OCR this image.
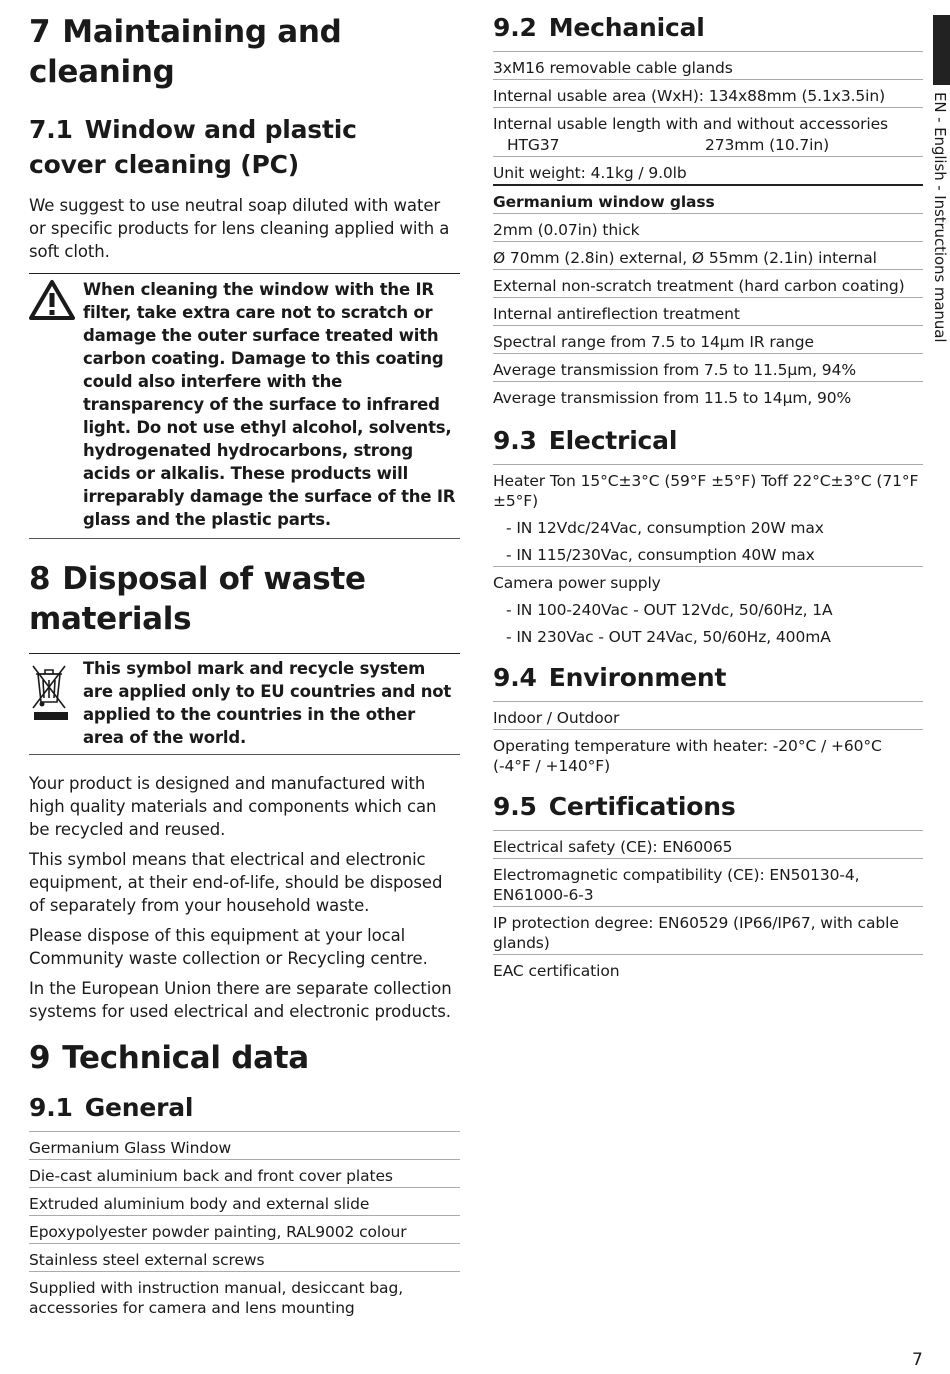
7 Maintaining and cleaning
7.1 Window and plastic cover cleaning (PC)

We suggest to use neutral soap diluted with water or specific products for lens cleaning applied with a soft cloth.

When cleaning the window with the IR filter, take extra care not to scratch or damage the outer surface treated with carbon coating. Damage to this coating could also interfere with the transparency of the surface to infrared light. Do not use ethyl alcohol, solvents, hydrogenated hydrocarbons, strong acids or alkalis. These products will irreparably damage the surface of the IR glass and the plastic parts.
8 Disposal of waste materials
This symbol mark and recycle system are applied only to EU countries and not applied to the countries in the other area of the world.

Your product is designed and manufactured with high quality materials and components which can be recycled and reused.

This symbol means that electrical and electronic equipment, at their end-of-life, should be disposed of separately from your household waste.

Please dispose of this equipment at your local Community waste collection or Recycling centre.

In the European Union there are separate collection systems for used electrical and electronic products.

9 Technical data
9.1 General
Germanium Glass Window
Die-cast aluminium back and front cover plates
Extruded aluminium body and external slide
Epoxypolyester powder painting, RAL9002 colour
Stainless steel external screws
Supplied with instruction manual, desiccant bag, accessories for camera and lens mounting
9.2 Mechanical
3xM16 removable cable glands
Internal usable area (WxH): 134x88mm (5.1x3.5in)
Internal usable length with and without accessories
HTG37	273mm (10.7in)
Unit weight: 4.1kg / 9.0lb
Germanium window glass
2mm (0.07in) thick
Ø 70mm (2.8in) external, Ø 55mm (2.1in) internal
External non-scratch treatment (hard carbon coating)
Internal antireflection treatment
Spectral range from 7.5 to 14µm IR range
Average transmission from 7.5 to 11.5µm, 94%
Average transmission from 11.5 to 14µm, 90%
9.3 Electrical
Heater Ton 15°C±3°C (59°F ±5°F) Toff 22°C±3°C (71°F ±5°F)
- IN 12Vdc/24Vac, consumption 20W max
- IN 115/230Vac, consumption 40W max
Camera power supply
- IN 100-240Vac - OUT 12Vdc, 50/60Hz, 1A
- IN 230Vac - OUT 24Vac, 50/60Hz, 400mA
9.4 Environment
Indoor / Outdoor
Operating temperature with heater: -20°C / +60°C (-4°F / +140°F)
9.5 Certifications
Electrical safety (CE): EN60065
Electromagnetic compatibility (CE): EN50130-4, EN61000-6-3
IP protection degree: EN60529 (IP66/IP67, with cable glands)
EAC certification
EN - English - Instructions manual
7
